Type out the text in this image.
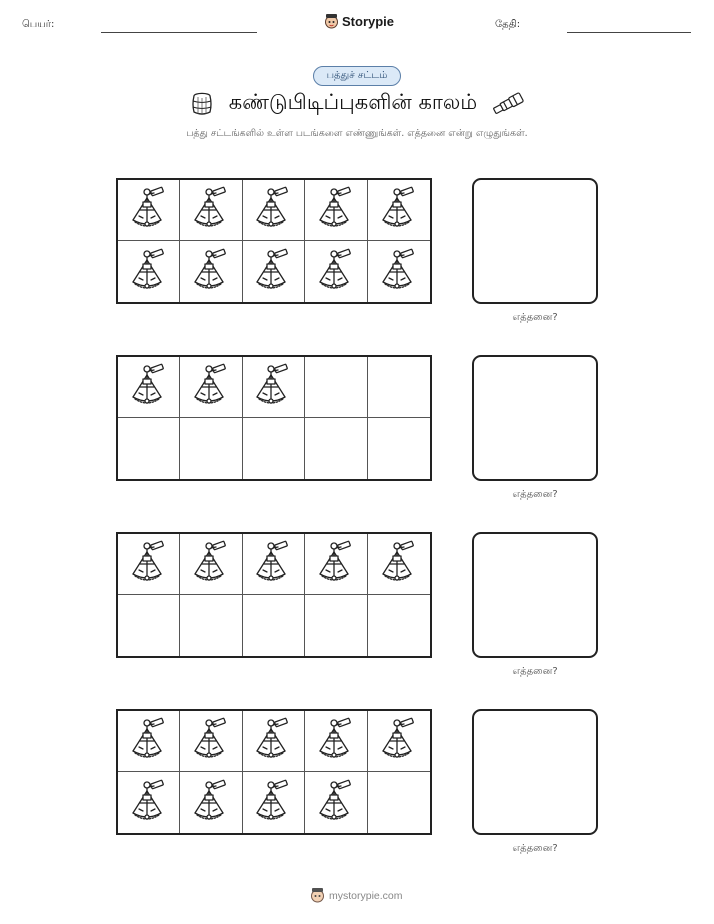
பெயர்:	Storypie	தேதி:
பத்துச் சட்டம்
கண்டுபிடிப்புகளின் காலம்
பத்து சட்டங்களில் உள்ள படங்களை எண்ணுங்கள். எத்தனை என்று எழுதுங்கள்.
எத்தனை?
எத்தனை?
எத்தனை?
எத்தனை?
mystorypie.com
